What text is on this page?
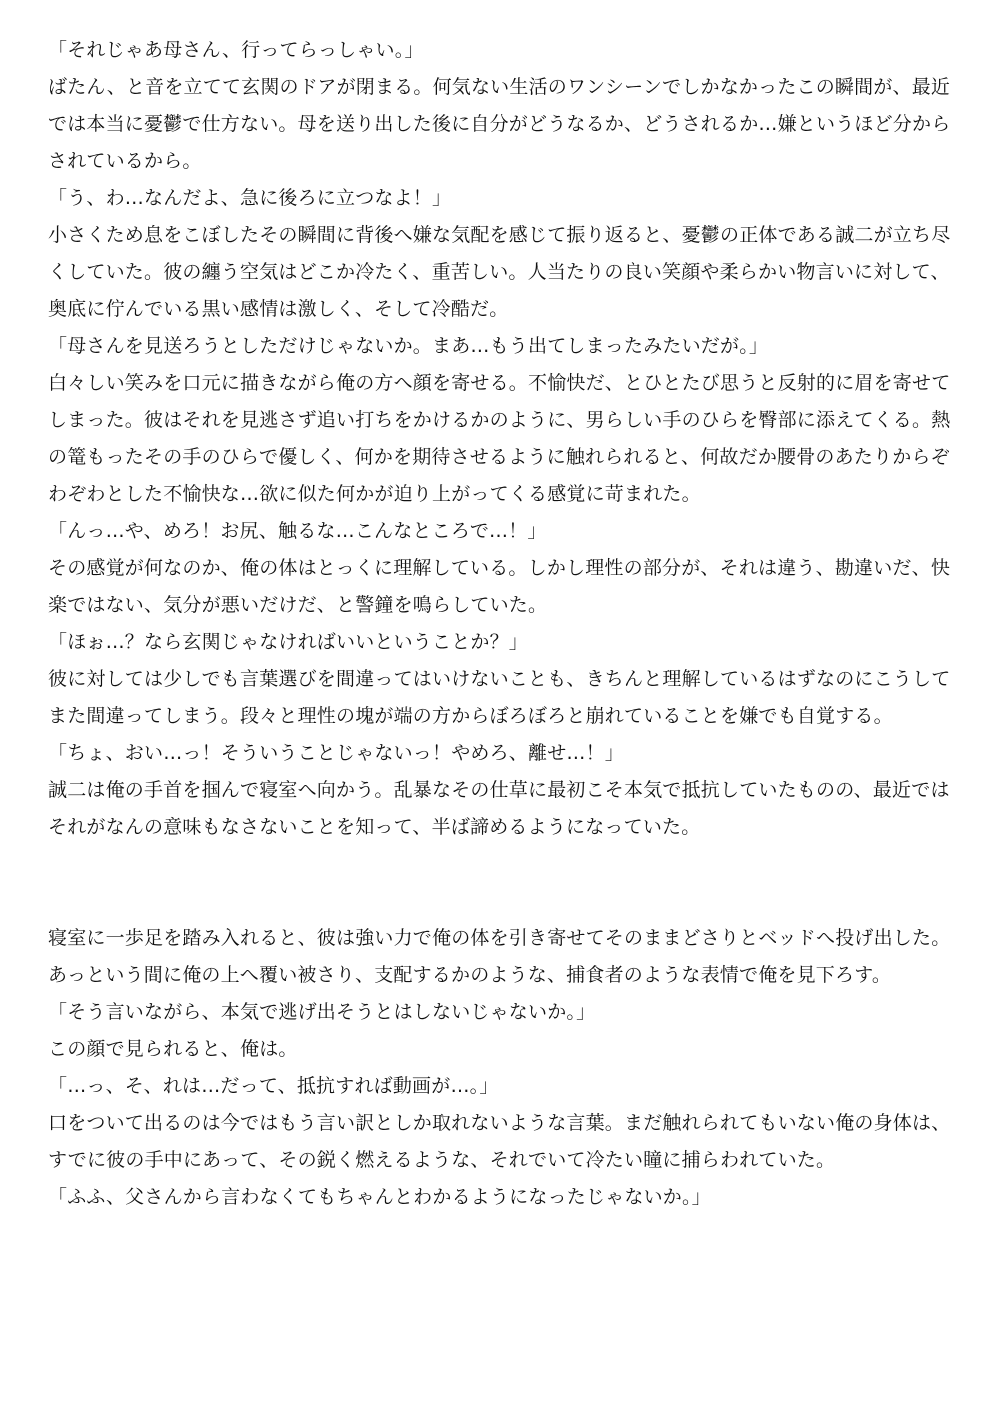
「それじゃあ母さん、行ってらっしゃい。」

ばたん、と音を立てて玄関のドアが閉まる。何気ない生活のワンシーンでしかなかったこの瞬間が、最近では本当に憂鬱で仕方ない。母を送り出した後に自分がどうなるか、どうされるか…嫌というほど分からされているから。

「う、わ…なんだよ、急に後ろに立つなよ！」

小さくため息をこぼしたその瞬間に背後へ嫌な気配を感じて振り返ると、憂鬱の正体である誠二が立ち尽くしていた。彼の纏う空気はどこか冷たく、重苦しい。人当たりの良い笑顔や柔らかい物言いに対して、奥底に佇んでいる黒い感情は激しく、そして冷酷だ。

「母さんを見送ろうとしただけじゃないか。まあ…もう出てしまったみたいだが。」

白々しい笑みを口元に描きながら俺の方へ顔を寄せる。不愉快だ、とひとたび思うと反射的に眉を寄せてしまった。彼はそれを見逃さず追い打ちをかけるかのように、男らしい手のひらを臀部に添えてくる。熱の篭もったその手のひらで優しく、何かを期待させるように触れられると、何故だか腰骨のあたりからぞわぞわとした不愉快な…欲に似た何かが迫り上がってくる感覚に苛まれた。

「んっ…や、めろ！お尻、触るな…こんなところで…！」

その感覚が何なのか、俺の体はとっくに理解している。しかし理性の部分が、それは違う、勘違いだ、快楽ではない、気分が悪いだけだ、と警鐘を鳴らしていた。

「ほぉ…？なら玄関じゃなければいいということか？」

彼に対しては少しでも言葉選びを間違ってはいけないことも、きちんと理解しているはずなのにこうしてまた間違ってしまう。段々と理性の塊が端の方からぼろぼろと崩れていることを嫌でも自覚する。

「ちょ、おい…っ！そういうことじゃないっ！やめろ、離せ…！」

誠二は俺の手首を掴んで寝室へ向かう。乱暴なその仕草に最初こそ本気で抵抗していたものの、最近ではそれがなんの意味もなさないことを知って、半ば諦めるようになっていた。

寝室に一歩足を踏み入れると、彼は強い力で俺の体を引き寄せてそのままどさりとベッドへ投げ出した。あっという間に俺の上へ覆い被さり、支配するかのような、捕食者のような表情で俺を見下ろす。

「そう言いながら、本気で逃げ出そうとはしないじゃないか。」

この顔で見られると、俺は。

「…っ、そ、れは…だって、抵抗すれば動画が…。」

口をついて出るのは今ではもう言い訳としか取れないような言葉。まだ触れられてもいない俺の身体は、すでに彼の手中にあって、その鋭く燃えるような、それでいて冷たい瞳に捕らわれていた。

「ふふ、父さんから言わなくてもちゃんとわかるようになったじゃないか。」
